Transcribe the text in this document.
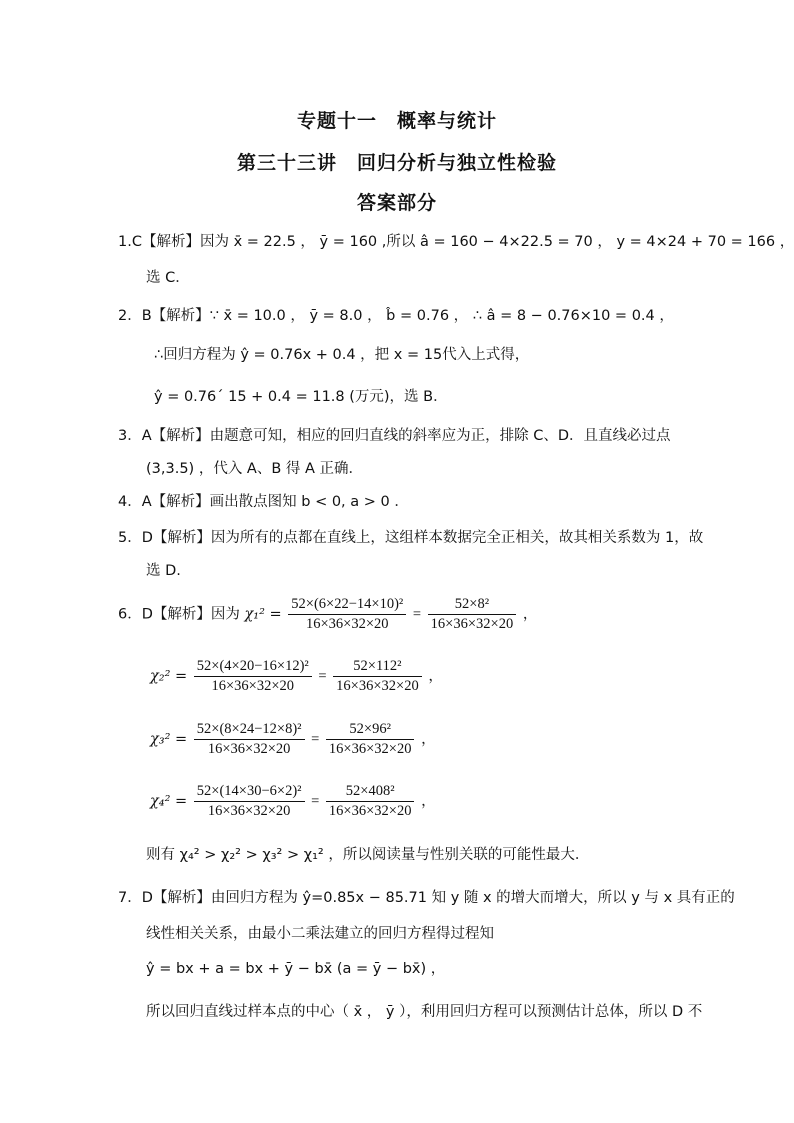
专题十一　概率与统计
第三十三讲　回归分析与独立性检验
答案部分
1.C【解析】因为 x̄ = 22.5 ， ȳ = 160 ,所以 â = 160 − 4×22.5 = 70 ， y = 4×24 + 70 = 166 ，
选 C．
2．B【解析】∵ x̄ = 10.0 ， ȳ = 8.0 ， b̂ = 0.76 ， ∴ â = 8 − 0.76×10 = 0.4 ，
∴回归方程为 ŷ = 0.76x + 0.4 ，把 x = 15代入上式得，
ŷ = 0.76´ 15 + 0.4 = 11.8 (万元)，选 B．
3．A【解析】由题意可知，相应的回归直线的斜率应为正，排除 C、D．且直线必过点
(3,3.5) ，代入 A、B 得 A 正确．
4．A【解析】画出散点图知 b < 0, a > 0 ．
5．D【解析】因为所有的点都在直线上，这组样本数据完全正相关，故其相关系数为 1，故
选 D.
6．D【解析】因为 $\chi_1^2 = \frac{\text{52×(6×22−14×10)²}}{16\times 36\times 32\times 20} = \frac{\text{52×8²}}{16\times 36\times 32\times 20}$ ，
$\chi_2^2 = \frac{\text{52×(4×20−16×12)²}}{16\times 36\times 32\times 20} = \frac{\text{52×112²}}{16\times 36\times 32\times 20}$ ，
$\chi_3^2 = \frac{\text{52×(8×24−12×8)²}}{16\times 36\times 32\times 20} = \frac{\text{52×96²}}{16\times 36\times 32\times 20}$ ，
$\chi_4^2 = \frac{\text{52×(14×30−6×2)²}}{16\times 36\times 32\times 20} = \frac{\text{52×408²}}{16\times 36\times 32\times 20}$ ，
则有 χ₄² > χ₂² > χ₃² > χ₁² ，所以阅读量与性别关联的可能性最大．
7．D【解析】由回归方程为 ŷ=0.85x − 85.71 知 y 随 x 的增大而增大，所以 y 与 x 具有正的
线性相关关系，由最小二乘法建立的回归方程得过程知
ŷ = bx + a = bx + ȳ − bx̄ (a = ȳ − bx̄) ，
所以回归直线过样本点的中心（ x̄ ， ȳ ），利用回归方程可以预测估计总体，所以 D 不
